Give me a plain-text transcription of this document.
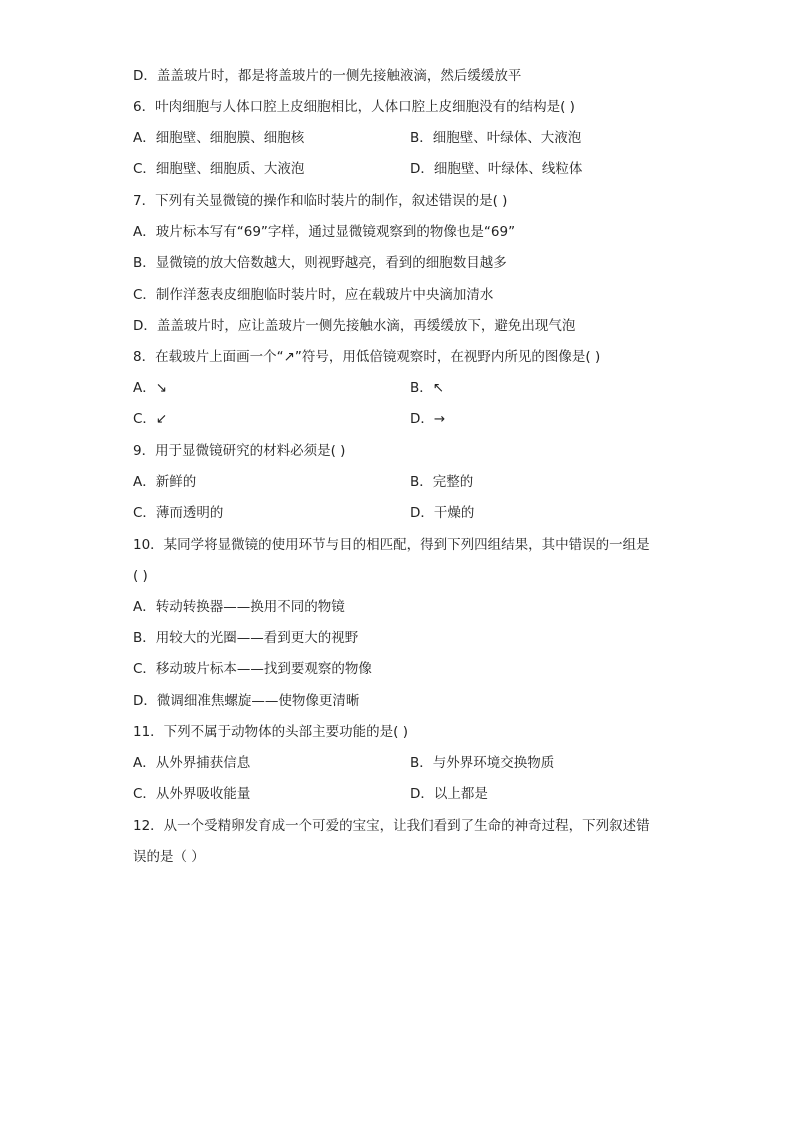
D．盖盖玻片时，都是将盖玻片的一侧先接触液滴，然后缓缓放平
6．叶肉细胞与人体口腔上皮细胞相比，人体口腔上皮细胞没有的结构是( )
A．细胞壁、细胞膜、细胞核	B．细胞壁、叶绿体、大液泡
C．细胞壁、细胞质、大液泡	D．细胞壁、叶绿体、线粒体
7．下列有关显微镜的操作和临时装片的制作，叙述错误的是( )
A．玻片标本写有“69”字样，通过显微镜观察到的物像也是“69”
B．显微镜的放大倍数越大，则视野越亮，看到的细胞数目越多
C．制作洋葱表皮细胞临时装片时，应在载玻片中央滴加清水
D．盖盖玻片时，应让盖玻片一侧先接触水滴，再缓缓放下，避免出现气泡
8．在载玻片上面画一个“↗”符号，用低倍镜观察时，在视野内所见的图像是( )
A．↘	B．↖
C．↙	D．→
9．用于显微镜研究的材料必须是( )
A．新鲜的	B．完整的
C．薄而透明的	D．干燥的
10．某同学将显微镜的使用环节与目的相匹配，得到下列四组结果，其中错误的一组是
( )
A．转动转换器——换用不同的物镜
B．用较大的光圈——看到更大的视野
C．移动玻片标本——找到要观察的物像
D．微调细准焦螺旋——使物像更清晰
11．下列不属于动物体的头部主要功能的是( )
A．从外界捕获信息	B．与外界环境交换物质
C．从外界吸收能量	D．以上都是
12．从一个受精卵发育成一个可爱的宝宝，让我们看到了生命的神奇过程，下列叙述错
误的是（ ）
